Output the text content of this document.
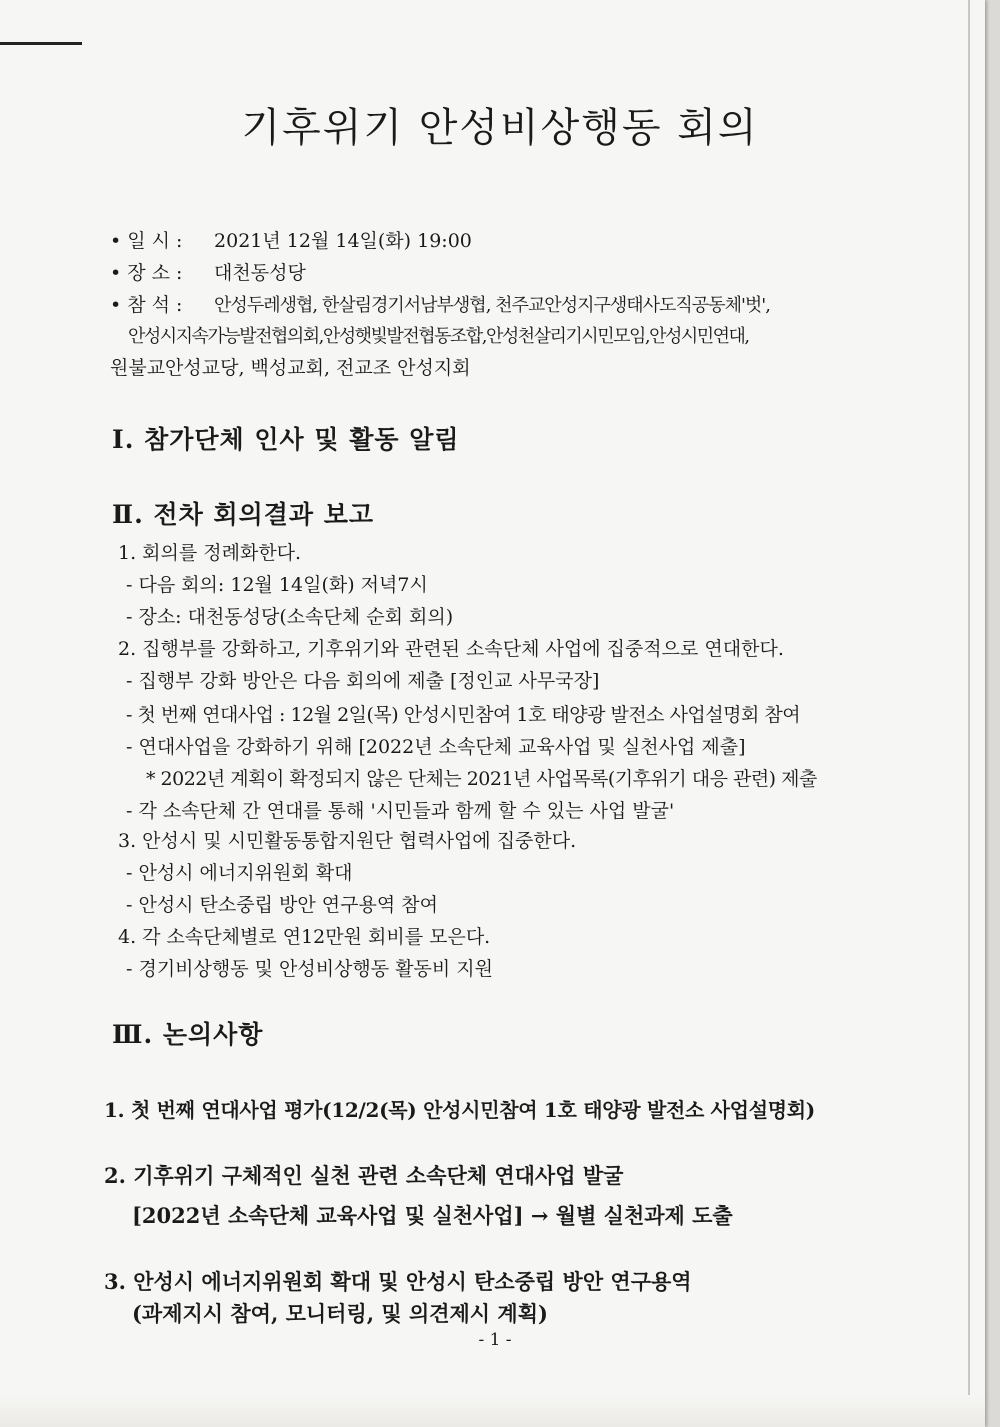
기후위기 안성비상행동 회의
• 일 시 : 2021년 12월 14일(화) 19:00
• 장 소 : 대천동성당
• 참 석 : 안성두레생협, 한살림경기서남부생협, 천주교안성지구생태사도직공동체'벗',
안성시지속가능발전협의회,안성햇빛발전협동조합,안성천살리기시민모임,안성시민연대,
원불교안성교당, 백성교회, 전교조 안성지회
Ⅰ. 참가단체 인사 및 활동 알림
Ⅱ. 전차 회의결과 보고
1. 회의를 정례화한다.
- 다음 회의: 12월 14일(화) 저녁7시
- 장소: 대천동성당(소속단체 순회 회의)
2. 집행부를 강화하고, 기후위기와 관련된 소속단체 사업에 집중적으로 연대한다.
- 집행부 강화 방안은 다음 회의에 제출 [정인교 사무국장]
- 첫 번째 연대사업 : 12월 2일(목) 안성시민참여 1호 태양광 발전소 사업설명회 참여
- 연대사업을 강화하기 위해 [2022년 소속단체 교육사업 및 실천사업 제출]
* 2022년 계획이 확정되지 않은 단체는 2021년 사업목록(기후위기 대응 관련) 제출
- 각 소속단체 간 연대를 통해 '시민들과 함께 할 수 있는 사업 발굴'
3. 안성시 및 시민활동통합지원단 협력사업에 집중한다.
- 안성시 에너지위원회 확대
- 안성시 탄소중립 방안 연구용역 참여
4. 각 소속단체별로 연12만원 회비를 모은다.
- 경기비상행동 및 안성비상행동 활동비 지원
Ⅲ. 논의사항
1. 첫 번째 연대사업 평가(12/2(목) 안성시민참여 1호 태양광 발전소 사업설명회)
2. 기후위기 구체적인 실천 관련 소속단체 연대사업 발굴
[2022년 소속단체 교육사업 및 실천사업] → 월별 실천과제 도출
3. 안성시 에너지위원회 확대 및 안성시 탄소중립 방안 연구용역
(과제지시 참여, 모니터링, 및 의견제시 계획)
- 1 -
